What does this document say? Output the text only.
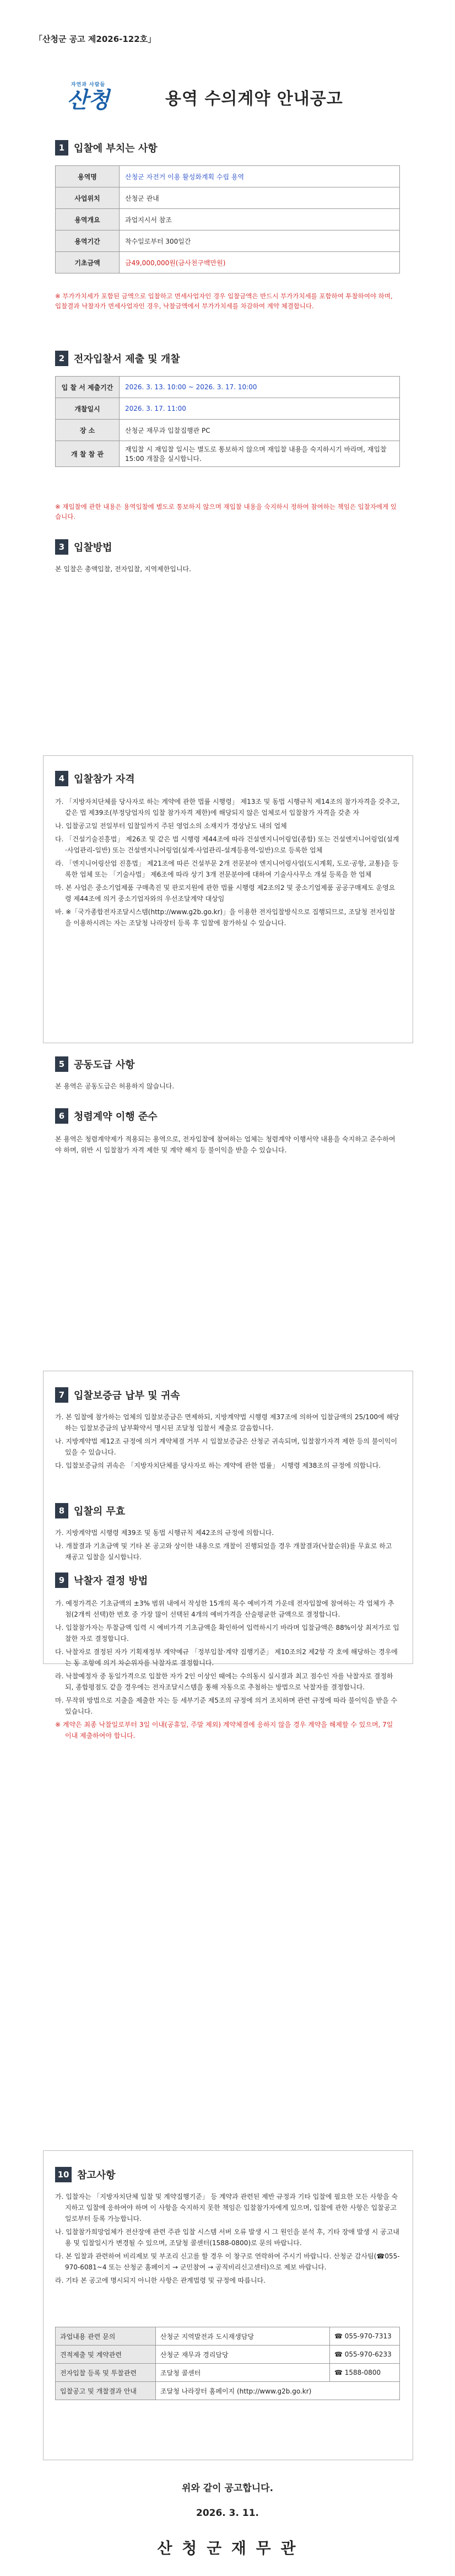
「산청군 공고 제2026-122호」
자연과 사람들
산청	용역 수의계약 안내공고
1 입찰에 부치는 사항
용역명	산청군 자전거 이용 활성화계획 수립 용역
사업위치	산청군 관내
용역개요	과업지시서 참조
용역기간	착수일로부터 300일간
기초금액	금49,000,000원(금사천구백만원)
※ 부가가치세가 포함된 금액으로 입찰하고 면세사업자인 경우 입찰금액은 반드시 부가가치세를 포함하여 투찰하여야 하며, 입찰결과 낙찰자가 면세사업자인 경우, 낙찰금액에서 부가가치세를 차감하여 계약 체결합니다.
2 전자입찰서 제출 및 개찰
입 찰 서 제출기간	2026. 3. 13. 10:00 ~ 2026. 3. 17. 10:00
개찰일시	2026. 3. 17. 11:00
장 소	산청군 재무과 입찰집행관 PC
개 찰 참 관	재입찰 시 재입찰 일시는 별도로 통보하지 않으며 재입찰 내용을 숙지하시기 바라며, 재입찰 15:00 개찰을 실시합니다.
※ 재입찰에 관한 내용은 용역입찰에 별도로 통보하지 않으며 재입찰 내용을 숙지하시 정하여 참여하는 책임은 입찰자에게 있습니다.
3 입찰방법
본 입찰은 총액입찰, 전자입찰, 지역제한입니다.
4 입찰참가 자격

가. 「지방자치단체를 당사자로 하는 계약에 관한 법률 시행령」 제13조 및 동법 시행규칙 제14조의 참가자격을 갖추고, 같은 법 제39조(부정당업자의 입찰 참가자격 제한)에 해당되지 않은 업체로서 입찰참가 자격을 갖춘 자

나. 입찰공고일 전일부터 입찰일까지 주된 영업소의 소재지가 경상남도 내의 업체

다. 「건설기술진흥법」 제26조 및 같은 법 시행령 제44조에 따라 건설엔지니어링업(종합) 또는 건설엔지니어링업(설계·사업관리-일반) 또는 건설엔지니어링업(설계·사업관리-설계등용역-일반)으로 등록한 업체

라. 「엔지니어링산업 진흥법」 제21조에 따른 건설부문 2개 전문분야 엔지니어링사업(도시계획, 도로·공항, 교통)을 등록한 업체 또는 「기술사법」 제6조에 따라 상기 3개 전문분야에 대하여 기술사사무소 개설 등록을 한 업체

마. 본 사업은 중소기업제품 구매촉진 및 판로지원에 관한 법률 시행령 제2조의2 및 중소기업제품 공공구매제도 운영요령 제44조에 의거 중소기업자와의 우선조달계약 대상임

바. ※「국가종합전자조달시스템(http://www.g2b.go.kr)」을 이용한 전자입찰방식으로 집행되므로, 조달청 전자입찰을 이용하시려는 자는 조달청 나라장터 등록 후 입찰에 참가하실 수 있습니다.

5 공동도급 사항
본 용역은 공동도급은 허용하지 않습니다.
6 청렴계약 이행 준수
본 용역은 청렴계약제가 적용되는 용역으로, 전자입찰에 참여하는 업체는 청렴계약 이행서약 내용을 숙지하고 준수하여야 하며, 위반 시 입찰참가 자격 제한 및 계약 해지 등 불이익을 받을 수 있습니다.
7 입찰보증금 납부 및 귀속

가. 본 입찰에 참가하는 업체의 입찰보증금은 면제하되, 지방계약법 시행령 제37조에 의하여 입찰금액의 25/100에 해당하는 입찰보증금의 납부확약서 명시된 조달청 입찰서 제출로 갈음합니다.

나. 지방계약법 제12조 규정에 의거 계약체결 거부 시 입찰보증금은 산청군 귀속되며, 입찰참가자격 제한 등의 불이익이 있을 수 있습니다.

다. 입찰보증금의 귀속은 「지방자치단체를 당사자로 하는 계약에 관한 법률」 시행령 제38조의 규정에 의합니다.

8 입찰의 무효

가. 지방계약법 시행령 제39조 및 동법 시행규칙 제42조의 규정에 의합니다.

나. 개찰결과 기초금액 및 기타 본 공고와 상이한 내용으로 개찰이 진행되었을 경우 개찰결과(낙찰순위)를 무효로 하고 재공고 입찰을 실시합니다.

9 낙찰자 결정 방법

가. 예정가격은 기초금액의 ±3% 범위 내에서 작성한 15개의 복수 예비가격 가운데 전자입찰에 참여하는 각 업체가 추첨(2개씩 선택)한 번호 중 가장 많이 선택된 4개의 예비가격을 산술평균한 금액으로 결정합니다.

나. 입찰참가자는 투찰금액 입력 시 예비가격 기초금액을 확인하여 입력하시기 바라며 입찰금액은 88%이상 최저가로 입찰한 자로 결정합니다.

다. 낙찰자로 결정된 자가 기획재정부 계약예규 「정부입찰·계약 집행기준」 제10조의2 제2항 각 호에 해당하는 경우에는 동 조항에 의거 차순위자를 낙찰자로 결정합니다.

라. 낙찰예정자 중 동일가격으로 입찰한 자가 2인 이상인 때에는 수의동시 실시결과 최고 점수인 자를 낙찰자로 결정하되, 종합평점도 같을 경우에는 전자조달시스템을 통해 자동으로 추첨하는 방법으로 낙찰자를 결정합니다.

마. 무작위 방법으로 지출을 제출한 자는 등 세부기준 제5조의 규정에 의거 조치하며 관련 규정에 따라 불이익을 받을 수 있습니다.

※ 계약은 최종 낙찰일로부터 3일 이내(공휴일, 주말 제외) 계약체결에 응하지 않을 경우 계약을 해제할 수 있으며, 7일 이내 제출하여야 합니다.

10 참고사항

가. 입찰자는 「지방자치단체 입찰 및 계약집행기준」 등 계약과 관련된 제반 규정과 기타 입찰에 필요한 모든 사항을 숙지하고 입찰에 응하여야 하며 이 사항을 숙지하지 못한 책임은 입찰참가자에게 있으며, 입찰에 관한 사항은 입찰공고일로부터 등록 가능합니다.

나. 입찰참가희망업체가 전산장애 관련 주관 입찰 시스템 서버 오류 발생 시 그 원인을 분석 후, 기타 장애 발생 시 공고내용 및 입찰일시가 변경될 수 있으며, 조달청 콜센터(1588-0800)로 문의 바랍니다.

다. 본 입찰과 관련하여 비리제보 및 부조리 신고를 할 경우 이 창구로 연락하여 주시기 바랍니다. 산청군 감사팀(☎055-970-6081~4 또는 산청군 홈페이지 → 군민참여 → 공직비리신고센터)으로 제보 바랍니다.

라. 기타 본 공고에 명시되지 아니한 사항은 관계법령 및 규정에 따릅니다.

과업내용 관련 문의	산청군 지역발전과 도시재생담당	☎ 055-970-7313
견적제출 및 계약관련	산청군 재무과 경리담당	☎ 055-970-6233
전자입찰 등록 및 투찰관련	조달청 콜센터	☎ 1588-0800
입찰공고 및 개찰결과 안내	조달청 나라장터 홈페이지 (http://www.g2b.go.kr)	
위와 같이 공고합니다.
2026. 3. 11.
산 청 군 재 무 관
